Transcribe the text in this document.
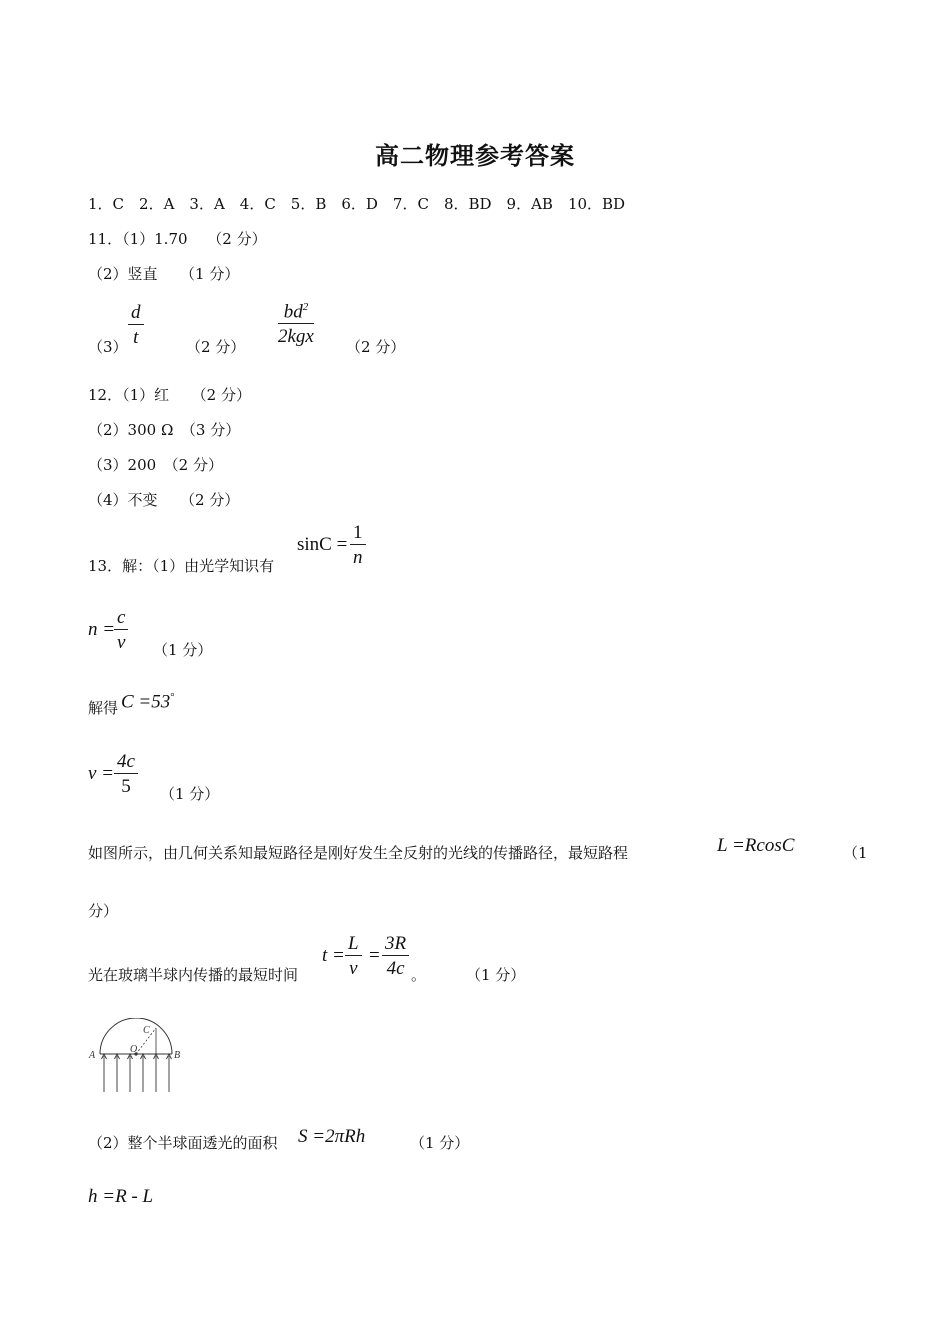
高二物理参考答案
1．C　2．A　3．A　4．C　5．B　6．D　7．C　8．BD　9．AB　10．BD
11．（1）1.70　 （2 分）
（2）竖直　　（1 分）
$(3) \frac{d}{t}$	（2 分）
$bd^2$
2kgx （2 分）
12．（1）红　　（2 分）
（2）300 Ω　（3 分）
（3）200　（2 分）
（4）不变　　（2 分）
13．解：（1）由光学知识有
$\sin C = \frac{1}{n}$
n =
$\frac{c}{v} (1$ 分）
解得 C =53°
$v = \frac{4c}{5} (1$ 分）
如图所示，由几何关系知最短路径是刚好发生全反射的光线的传播路径，最短路程	L =RcosC	（1
分）
光在玻璃半球内传播的最短时间
$t = \frac{L}{v} = \frac{3R}{4c}$ 。	（1 分）
A	B
O
C
（2）整个半球面透光的面积 S =2πRh	（1 分）
h =R - L
